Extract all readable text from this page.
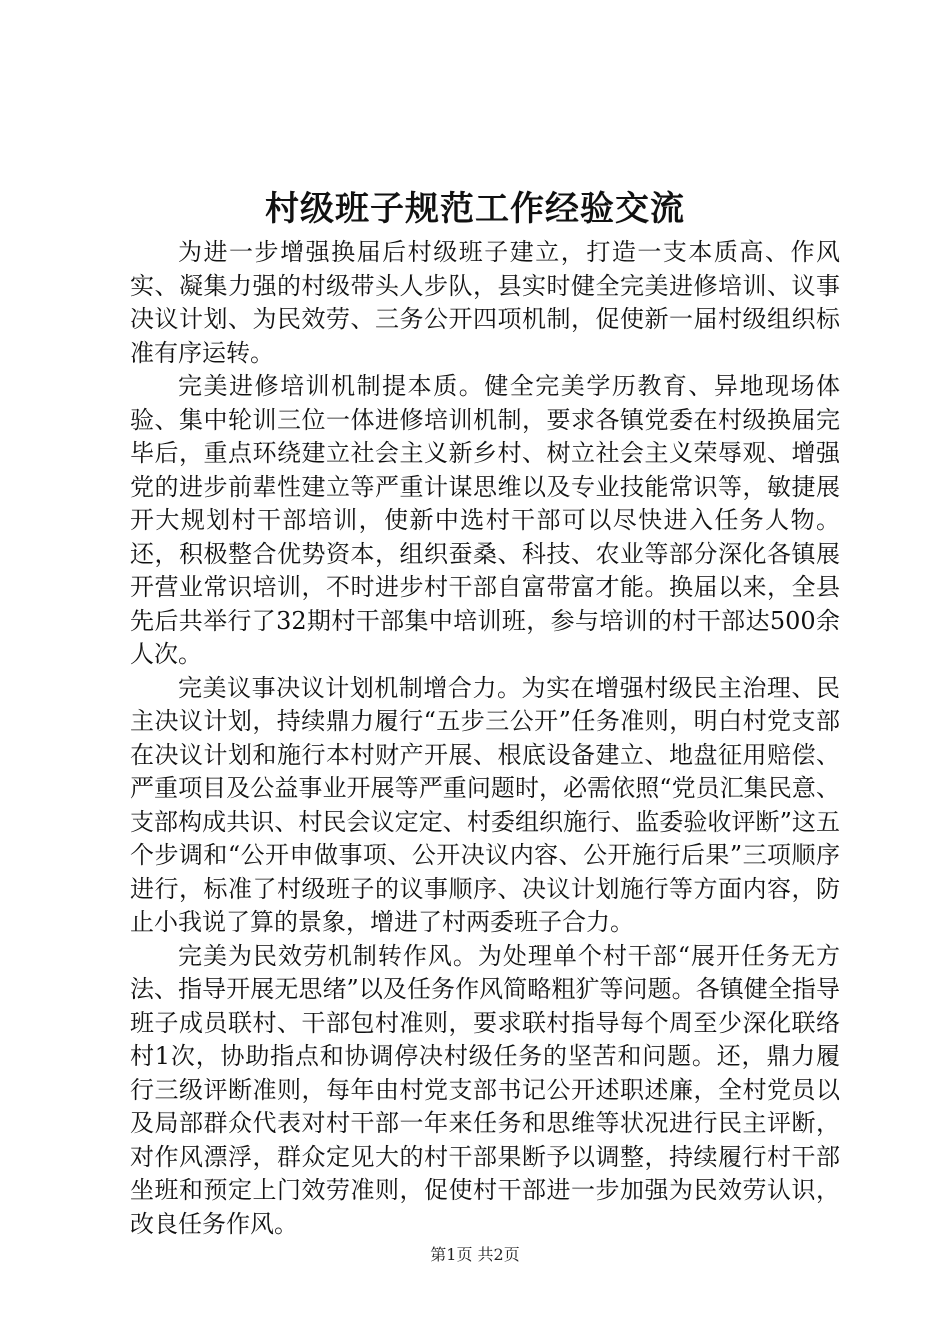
村级班子规范工作经验交流

为进一步增强换届后村级班子建立，打造一支本质高、作风实、凝集力强的村级带头人步队，县实时健全完美进修培训、议事决议计划、为民效劳、三务公开四项机制，促使新一届村级组织标准有序运转。

完美进修培训机制提本质。健全完美学历教育、异地现场体验、集中轮训三位一体进修培训机制，要求各镇党委在村级换届完毕后，重点环绕建立社会主义新乡村、树立社会主义荣辱观、增强党的进步前辈性建立等严重计谋思维以及专业技能常识等，敏捷展开大规划村干部培训，使新中选村干部可以尽快进入任务人物。还，积极整合优势资本，组织蚕桑、科技、农业等部分深化各镇展开营业常识培训，不时进步村干部自富带富才能。换届以来，全县先后共举行了32期村干部集中培训班，参与培训的村干部达500余人次。

完美议事决议计划机制增合力。为实在增强村级民主治理、民主决议计划，持续鼎力履行“五步三公开”任务准则，明白村党支部在决议计划和施行本村财产开展、根底设备建立、地盘征用赔偿、严重项目及公益事业开展等严重问题时，必需依照“党员汇集民意、支部构成共识、村民会议定定、村委组织施行、监委验收评断”这五个步调和“公开申做事项、公开决议内容、公开施行后果”三项顺序进行，标准了村级班子的议事顺序、决议计划施行等方面内容，防止小我说了算的景象，增进了村两委班子合力。

完美为民效劳机制转作风。为处理单个村干部“展开任务无方法、指导开展无思绪”以及任务作风简略粗犷等问题。各镇健全指导班子成员联村、干部包村准则，要求联村指导每个周至少深化联络村1次，协助指点和协调停决村级任务的坚苦和问题。还，鼎力履行三级评断准则，每年由村党支部书记公开述职述廉，全村党员以及局部群众代表对村干部一年来任务和思维等状况进行民主评断，对作风漂浮，群众定见大的村干部果断予以调整，持续履行村干部坐班和预定上门效劳准则，促使村干部进一步加强为民效劳认识，改良任务作风。

第1页 共2页
